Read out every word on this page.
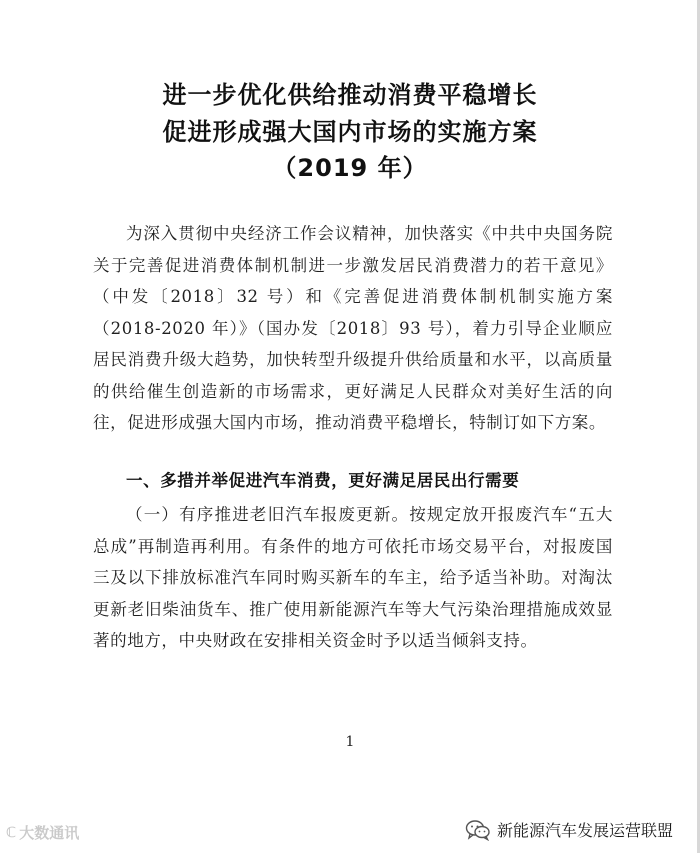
进一步优化供给推动消费平稳增长
促进形成强大国内市场的实施方案
（2019 年）

为深入贯彻中央经济工作会议精神，加快落实《中共中央国务院关于完善促进消费体制机制进一步激发居民消费潜力的若干意见》（中发〔2018〕32 号）和《完善促进消费体制机制实施方案（2018-2020 年）》（国办发〔2018〕93 号），着力引导企业顺应居民消费升级大趋势，加快转型升级提升供给质量和水平，以高质量的供给催生创造新的市场需求，更好满足人民群众对美好生活的向往，促进形成强大国内市场，推动消费平稳增长，特制订如下方案。

一、多措并举促进汽车消费，更好满足居民出行需要

（一）有序推进老旧汽车报废更新。按规定放开报废汽车“五大总成”再制造再利用。有条件的地方可依托市场交易平台，对报废国三及以下排放标准汽车同时购买新车的车主，给予适当补助。对淘汰更新老旧柴油货车、推广使用新能源汽车等大气污染治理措施成效显著的地方，中央财政在安排相关资金时予以适当倾斜支持。

1
ℂ 大数通讯	新能源汽车发展运营联盟
